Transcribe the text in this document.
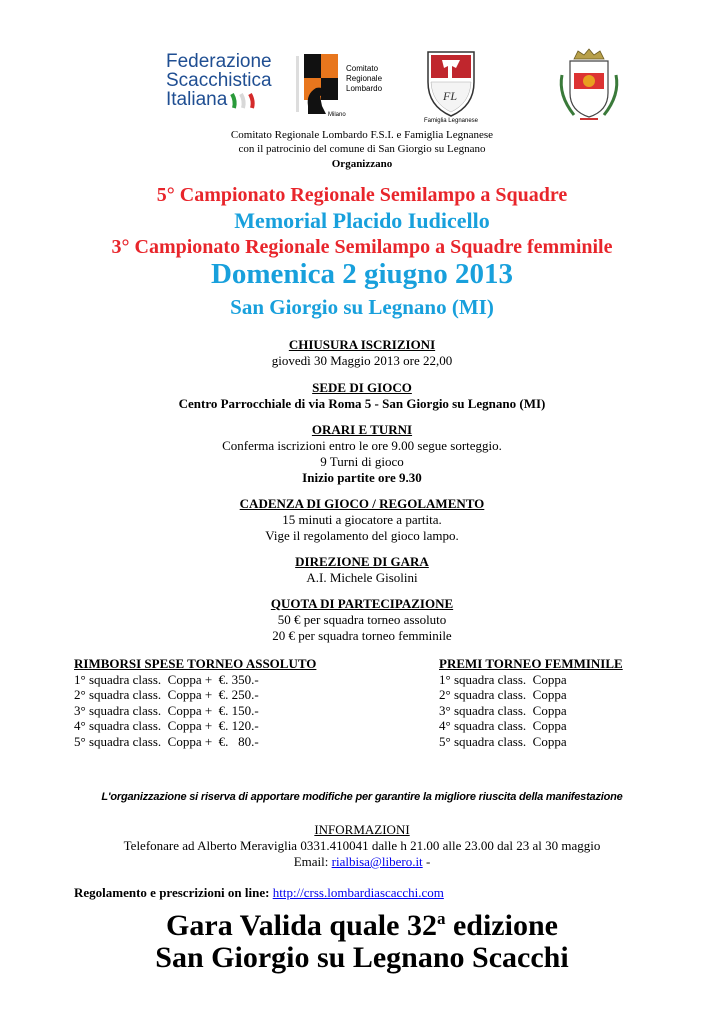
Federazione
Scacchistica
Italiana
Comitato
Regionale
Lombardo
Milano
FL
Famiglia Legnanese
Comitato Regionale Lombardo F.S.I. e Famiglia Legnanese
con il patrocinio del comune di San Giorgio su Legnano
Organizzano
5° Campionato Regionale Semilampo a Squadre
Memorial Placido Iudicello
3° Campionato Regionale Semilampo a Squadre femminile
Domenica 2 giugno 2013
San Giorgio su Legnano (MI)
CHIUSURA ISCRIZIONI
giovedì 30 Maggio 2013 ore 22,00
SEDE DI GIOCO
Centro Parrocchiale di via Roma 5 - San Giorgio su Legnano (MI)
ORARI E TURNI
Conferma iscrizioni entro le ore 9.00 segue sorteggio.
9 Turni di gioco
Inizio partite ore 9.30
CADENZA DI GIOCO / REGOLAMENTO
15 minuti a giocatore a partita.
Vige il regolamento del gioco lampo.
DIREZIONE DI GARA
A.I. Michele Gisolini
QUOTA DI PARTECIPAZIONE
50 € per squadra torneo assoluto
20 € per squadra torneo femminile
RIMBORSI SPESE TORNEO ASSOLUTO
1° squadra class.  Coppa +  €. 350.-
2° squadra class.  Coppa +  €. 250.-
3° squadra class.  Coppa +  €. 150.-
4° squadra class.  Coppa +  €. 120.-
5° squadra class.  Coppa +  €.   80.-
PREMI TORNEO FEMMINILE
1° squadra class.  Coppa
2° squadra class.  Coppa
3° squadra class.  Coppa
4° squadra class.  Coppa
5° squadra class.  Coppa
L'organizzazione si riserva di apportare modifiche per garantire la migliore riuscita della manifestazione
INFORMAZIONI
Telefonare ad Alberto Meraviglia 0331.410041 dalle h 21.00 alle 23.00 dal 23 al 30 maggio
Email: rialbisa@libero.it -
Regolamento e prescrizioni on line: http://crss.lombardiascacchi.com
Gara Valida quale 32$^a$ edizione
San Giorgio su Legnano Scacchi
